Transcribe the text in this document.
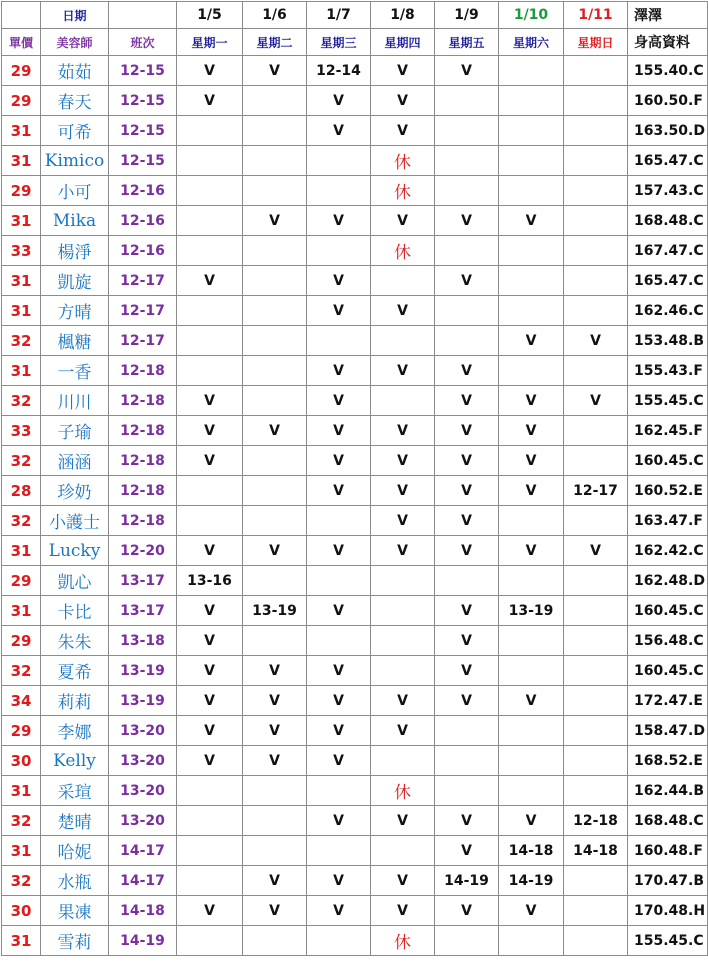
	日期		1/5	1/6	1/7	1/8	1/9	1/10	1/11	澤澤
單價	美容師	班次	星期一	星期二	星期三	星期四	星期五	星期六	星期日	身高資料
29	茹茹	12-15	V	V	12-14	V	V			155.40.C
29	春天	12-15	V		V	V				160.50.F
31	可希	12-15			V	V				163.50.D
31	Kimico	12-15				休				165.47.C
29	小可	12-16				休				157.43.C
31	Mika	12-16		V	V	V	V	V		168.48.C
33	楊淨	12-16				休				167.47.C
31	凱旋	12-17	V		V		V			165.47.C
31	方晴	12-17			V	V				162.46.C
32	楓糖	12-17						V	V	153.48.B
31	一香	12-18			V	V	V			155.43.F
32	川川	12-18	V		V		V	V	V	155.45.C
33	子瑜	12-18	V	V	V	V	V	V		162.45.F
32	涵涵	12-18	V		V	V	V	V		160.45.C
28	珍奶	12-18			V	V	V	V	12-17	160.52.E
32	小護士	12-18				V	V			163.47.F
31	Lucky	12-20	V	V	V	V	V	V	V	162.42.C
29	凱心	13-17	13-16							162.48.D
31	卡比	13-17	V	13-19	V		V	13-19		160.45.C
29	朱朱	13-18	V				V			156.48.C
32	夏希	13-19	V	V	V		V			160.45.C
34	莉莉	13-19	V	V	V	V	V	V		172.47.E
29	李娜	13-20	V	V	V	V				158.47.D
30	Kelly	13-20	V	V	V					168.52.E
31	采瑄	13-20				休				162.44.B
32	楚晴	13-20			V	V	V	V	12-18	168.48.C
31	哈妮	14-17					V	14-18	14-18	160.48.F
32	水瓶	14-17		V	V	V	14-19	14-19		170.47.B
30	果凍	14-18	V	V	V	V	V	V		170.48.H
31	雪莉	14-19				休				155.45.C
